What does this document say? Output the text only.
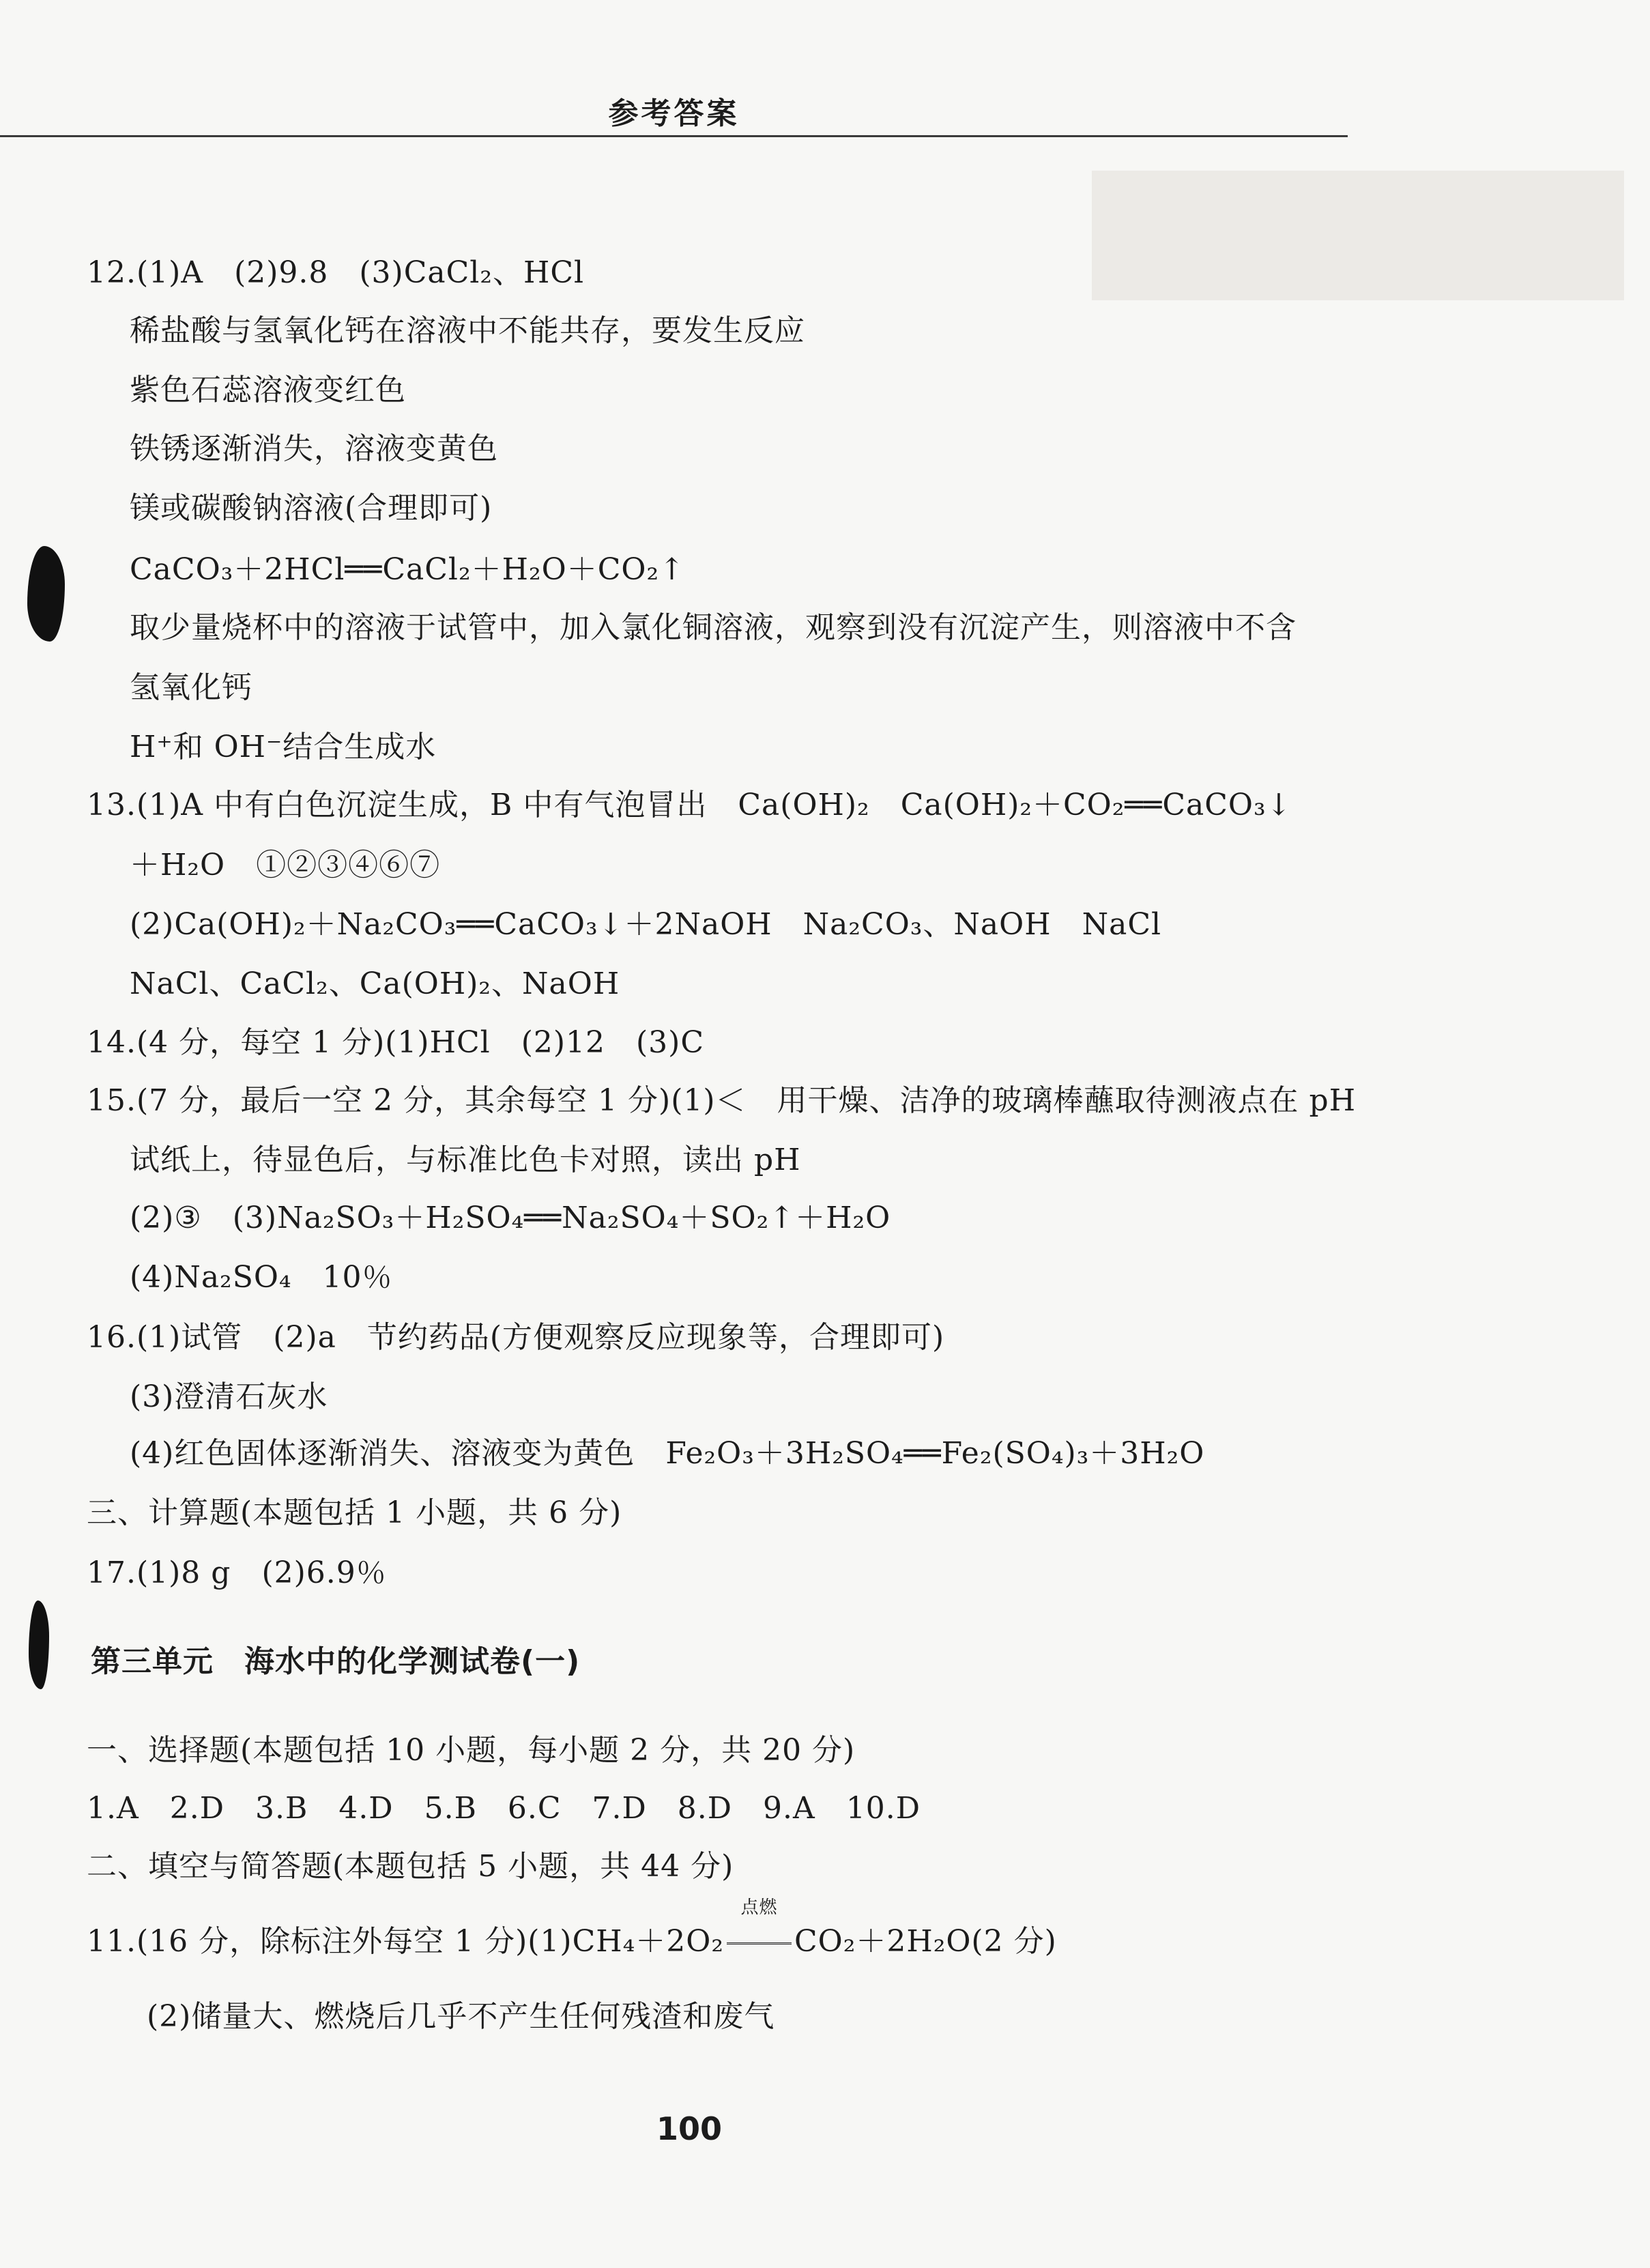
参考答案
12.(1)A　(2)9.8　(3)CaCl₂、HCl
稀盐酸与氢氧化钙在溶液中不能共存，要发生反应
紫色石蕊溶液变红色
铁锈逐渐消失，溶液变黄色
镁或碳酸钠溶液(合理即可)
CaCO₃＋2HCl══CaCl₂＋H₂O＋CO₂↑
取少量烧杯中的溶液于试管中，加入氯化铜溶液，观察到没有沉淀产生，则溶液中不含
氢氧化钙
H⁺和 OH⁻结合生成水
13.(1)A 中有白色沉淀生成，B 中有气泡冒出　Ca(OH)₂　Ca(OH)₂＋CO₂══CaCO₃↓
＋H₂O　①②③④⑥⑦
(2)Ca(OH)₂＋Na₂CO₃══CaCO₃↓＋2NaOH　Na₂CO₃、NaOH　NaCl
NaCl、CaCl₂、Ca(OH)₂、NaOH
14.(4 分，每空 1 分)(1)HCl　(2)12　(3)C
15.(7 分，最后一空 2 分，其余每空 1 分)(1)＜　用干燥、洁净的玻璃棒蘸取待测液点在 pH
试纸上，待显色后，与标准比色卡对照，读出 pH
(2)③　(3)Na₂SO₃＋H₂SO₄══Na₂SO₄＋SO₂↑＋H₂O
(4)Na₂SO₄　10％
16.(1)试管　(2)a　节约药品(方便观察反应现象等，合理即可)
(3)澄清石灰水
(4)红色固体逐渐消失、溶液变为黄色　Fe₂O₃＋3H₂SO₄══Fe₂(SO₄)₃＋3H₂O
三、计算题(本题包括 1 小题，共 6 分)
17.(1)8 g　(2)6.9％
第三单元　海水中的化学测试卷(一)
一、选择题(本题包括 10 小题，每小题 2 分，共 20 分)
1.A　2.D　3.B　4.D　5.B　6.C　7.D　8.D　9.A　10.D
二、填空与简答题(本题包括 5 小题，共 44 分)
11.(16 分，除标注外每空 1 分)(1)CH₄＋2O₂
点燃
CO₂＋2H₂O(2 分)
(2)储量大、燃烧后几乎不产生任何残渣和废气
100
